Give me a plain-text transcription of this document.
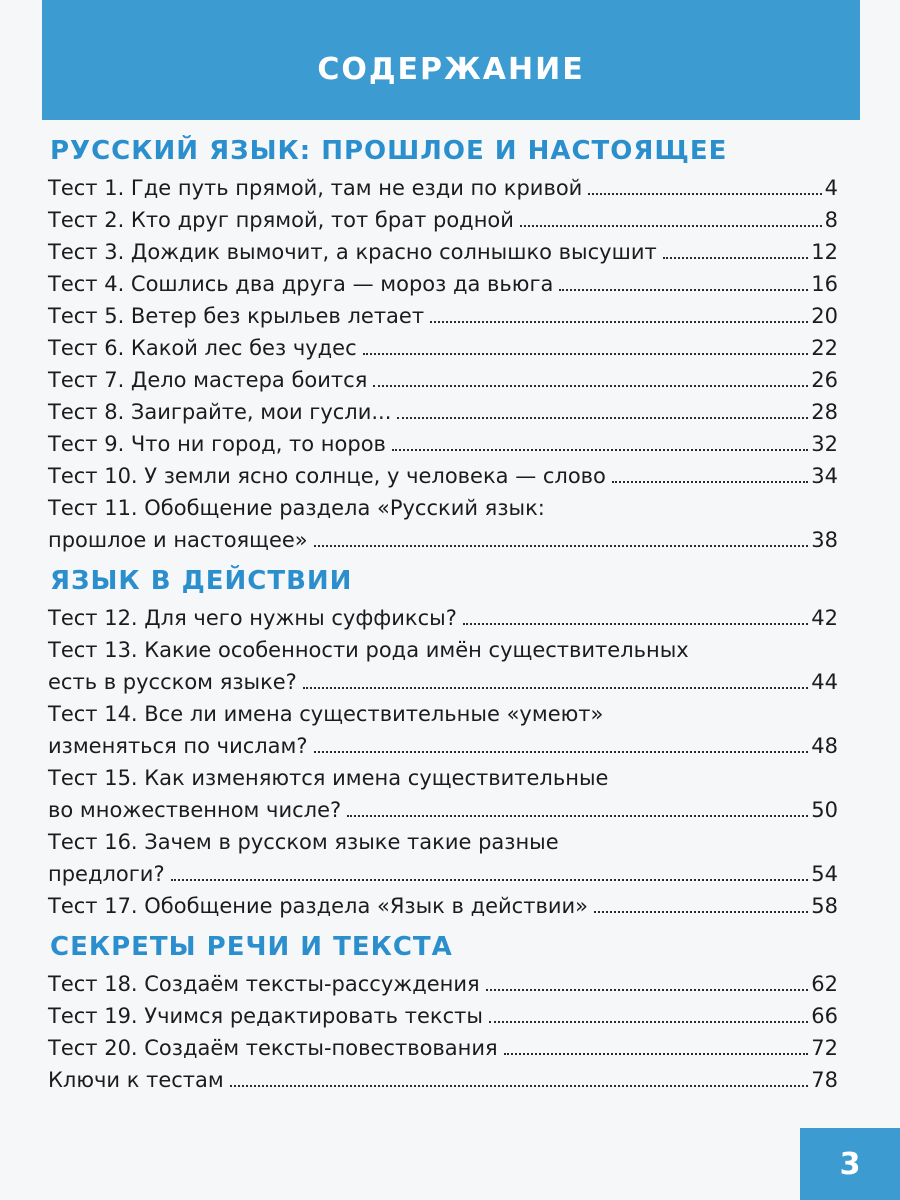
СОДЕРЖАНИЕ
РУССКИЙ ЯЗЫК: ПРОШЛОЕ И НАСТОЯЩЕЕ
Тест 1. Где путь прямой, там не езди по кривой	4
Тест 2. Кто друг прямой, тот брат родной	8
Тест 3. Дождик вымочит, а красно солнышко высушит	12
Тест 4. Сошлись два друга — мороз да вьюга	16
Тест 5. Ветер без крыльев летает	20
Тест 6. Какой лес без чудес	22
Тест 7. Дело мастера боится	26
Тест 8. Заиграйте, мои гусли...	28
Тест 9. Что ни город, то норов	32
Тест 10. У земли ясно солнце, у человека — слово	34
Тест 11. Обобщение раздела «Русский язык:
прошлое и настоящее»	38
ЯЗЫК В ДЕЙСТВИИ
Тест 12. Для чего нужны суффиксы?	42
Тест 13. Какие особенности рода имён существительных
есть в русском языке?	44
Тест 14. Все ли имена существительные «умеют»
изменяться по числам?	48
Тест 15. Как изменяются имена существительные
во множественном числе?	50
Тест 16. Зачем в русском языке такие разные
предлоги?	54
Тест 17. Обобщение раздела «Язык в действии»	58
СЕКРЕТЫ РЕЧИ И ТЕКСТА
Тест 18. Создаём тексты-рассуждения	62
Тест 19. Учимся редактировать тексты	66
Тест 20. Создаём тексты-повествования	72
Ключи к тестам	78
3
